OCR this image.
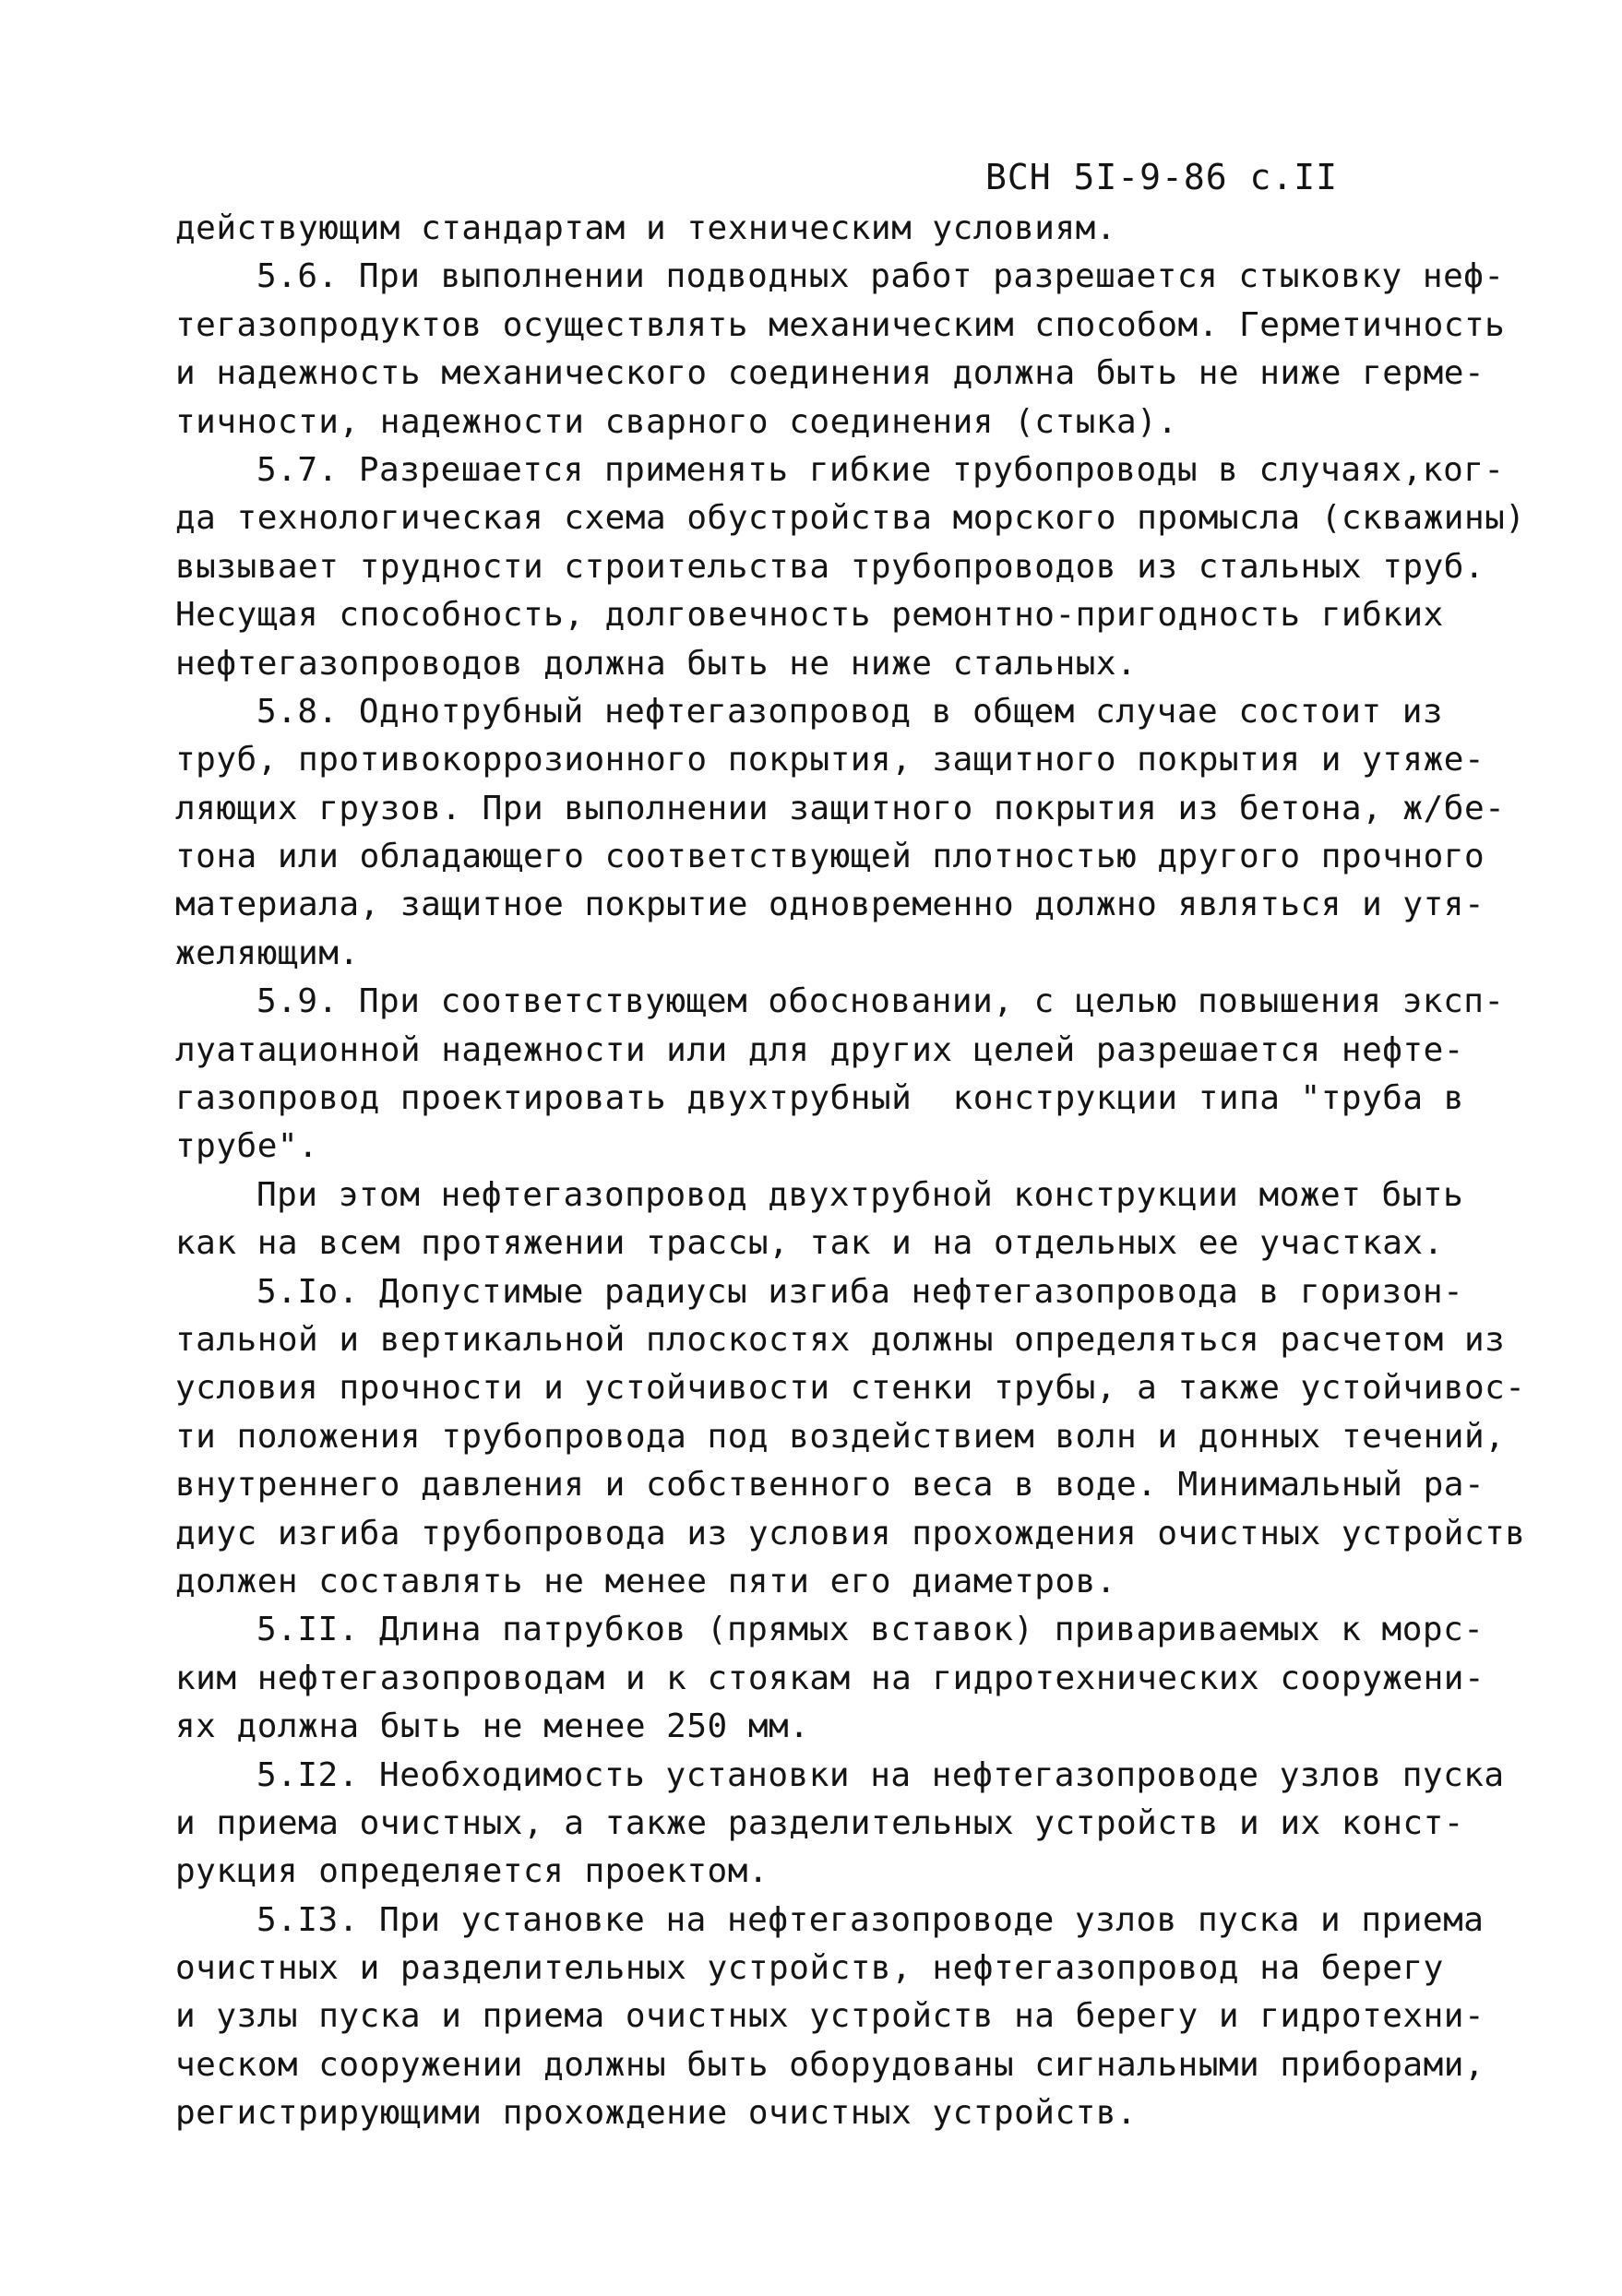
ВСН 5I-9-86 с.II
действующим стандартам и техническим условиям.
5.6. При выполнении подводных работ разрешается стыковку неф-
тегазопродуктов осуществлять механическим способом. Герметичность
и надежность механического соединения должна быть не ниже герме-
тичности, надежности сварного соединения (стыка).
5.7. Разрешается применять гибкие трубопроводы в случаях,ког-
да технологическая схема обустройства морского промысла (скважины)
вызывает трудности строительства трубопроводов из стальных труб.
Несущая способность, долговечность ремонтно-пригодность гибких
нефтегазопроводов должна быть не ниже стальных.
5.8. Однотрубный нефтегазопровод в общем случае состоит из
труб, противокоррозионного покрытия, защитного покрытия и утяже-
ляющих грузов. При выполнении защитного покрытия из бетона, ж/бе-
тона или обладающего соответствующей плотностью другого прочного
материала, защитное покрытие одновременно должно являться и утя-
желяющим.
5.9. При соответствующем обосновании, с целью повышения эксп-
луатационной надежности или для других целей разрешается нефте-
газопровод проектировать двухтрубный  конструкции типа "труба в
трубе".
При этом нефтегазопровод двухтрубной конструкции может быть
как на всем протяжении трассы, так и на отдельных ее участках.
5.Iо. Допустимые радиусы изгиба нефтегазопровода в горизон-
тальной и вертикальной плоскостях должны определяться расчетом из
условия прочности и устойчивости стенки трубы, а также устойчивос-
ти положения трубопровода под воздействием волн и донных течений,
внутреннего давления и собственного веса в воде. Минимальный ра-
диус изгиба трубопровода из условия прохождения очистных устройств
должен составлять не менее пяти его диаметров.
5.II. Длина патрубков (прямых вставок) привариваемых к морс-
ким нефтегазопроводам и к стоякам на гидротехнических сооружени-
ях должна быть не менее 250 мм.
5.I2. Необходимость установки на нефтегазопроводе узлов пуска
и приема очистных, а также разделительных устройств и их конст-
рукция определяется проектом.
5.I3. При установке на нефтегазопроводе узлов пуска и приема
очистных и разделительных устройств, нефтегазопровод на берегу
и узлы пуска и приема очистных устройств на берегу и гидротехни-
ческом сооружении должны быть оборудованы сигнальными приборами,
регистрирующими прохождение очистных устройств.
